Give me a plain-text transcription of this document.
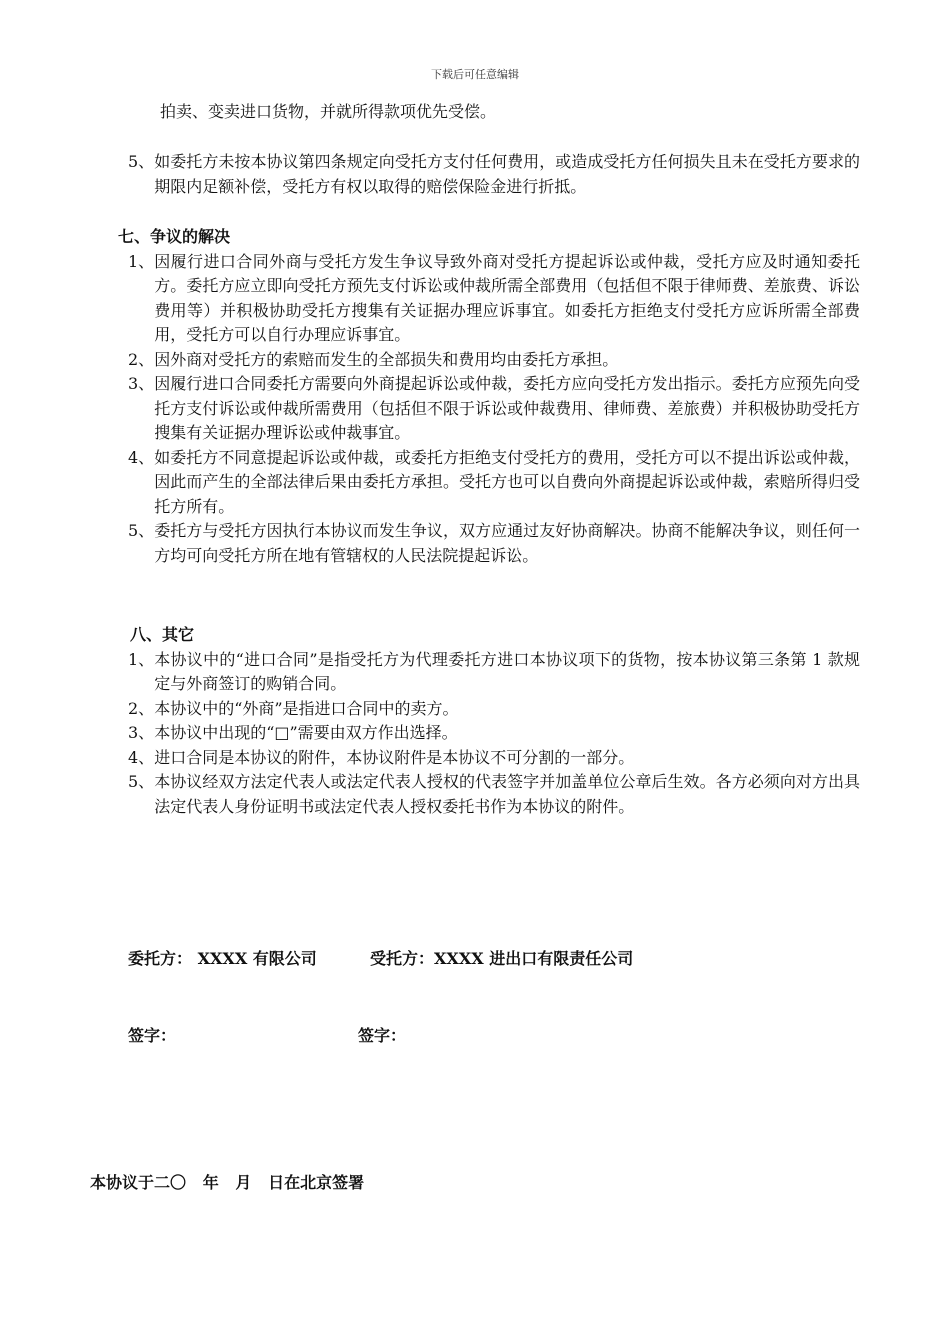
下载后可任意编辑

拍卖、变卖进口货物，并就所得款项优先受偿。

5、 如委托方未按本协议第四条规定向受托方支付任何费用，或造成受托方任何损失且未在受托方要求的期限内足额补偿，受托方有权以取得的赔偿保险金进行折抵。

七、争议的解决

1、 因履行进口合同外商与受托方发生争议导致外商对受托方提起诉讼或仲裁，受托方应及时通知委托方。委托方应立即向受托方预先支付诉讼或仲裁所需全部费用（包括但不限于律师费、差旅费、诉讼费用等）并积极协助受托方搜集有关证据办理应诉事宜。如委托方拒绝支付受托方应诉所需全部费用，受托方可以自行办理应诉事宜。
2、 因外商对受托方的索赔而发生的全部损失和费用均由委托方承担。
3、 因履行进口合同委托方需要向外商提起诉讼或仲裁，委托方应向受托方发出指示。委托方应预先向受托方支付诉讼或仲裁所需费用（包括但不限于诉讼或仲裁费用、律师费、差旅费）并积极协助受托方搜集有关证据办理诉讼或仲裁事宜。
4、 如委托方不同意提起诉讼或仲裁，或委托方拒绝支付受托方的费用，受托方可以不提出诉讼或仲裁，因此而产生的全部法律后果由委托方承担。受托方也可以自费向外商提起诉讼或仲裁，索赔所得归受托方所有。
5、 委托方与受托方因执行本协议而发生争议，双方应通过友好协商解决。协商不能解决争议，则任何一方均可向受托方所在地有管辖权的人民法院提起诉讼。

八、其它

1、 本协议中的“进口合同”是指受托方为代理委托方进口本协议项下的货物，按本协议第三条第 1 款规定与外商签订的购销合同。
2、 本协议中的“外商”是指进口合同中的卖方。
3、 本协议中出现的“□”需要由双方作出选择。
4、 进口合同是本协议的附件，本协议附件是本协议不可分割的一部分。
5、 本协议经双方法定代表人或法定代表人授权的代表签字并加盖单位公章后生效。各方必须向对方出具法定代表人身份证明书或法定代表人授权委托书作为本协议的附件。
委托方： XXXX 有限公司	受托方：XXXX 进出口有限责任公司
签字：	签字：
本协议于二〇   年   月   日在北京签署
